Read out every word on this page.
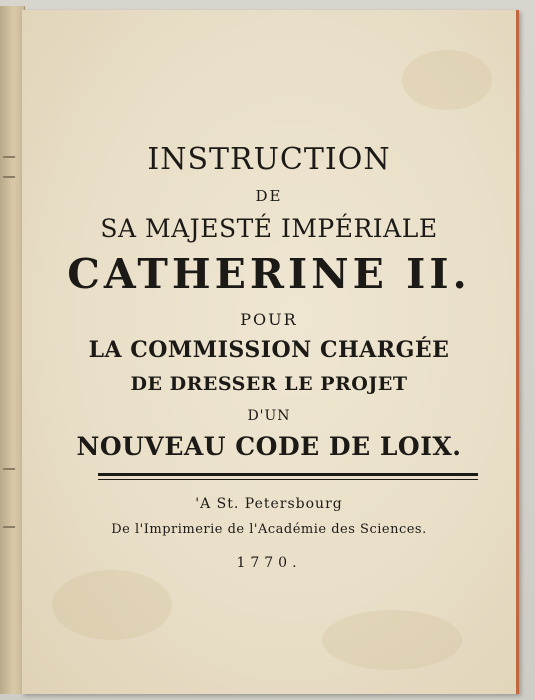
INSTRUCTION
DE
SA MAJESTÉ IMPÉRIALE
CATHERINE II.
POUR
LA COMMISSION CHARGÉE
DE DRESSER LE PROJET
D'UN
NOUVEAU CODE DE LOIX.
'A St. Petersbourg
De l'Imprimerie de l'Académie des Sciences.
1770.
